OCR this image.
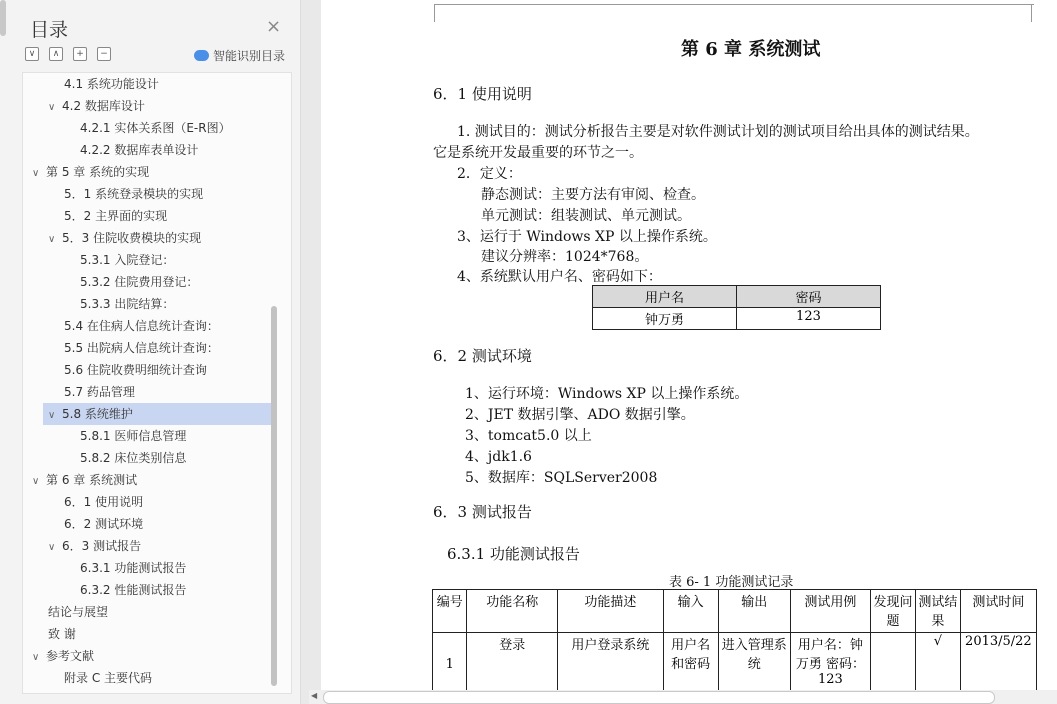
目录	×
∨	∧	+	−	智能识别目录
4.1 系统功能设计
∨ 4.2 数据库设计
4.2.1 实体关系图（E-R图）
4.2.2 数据库表单设计
∨ 第 5 章 系统的实现
5．1 系统登录模块的实现
5．2 主界面的实现
∨ 5．3 住院收费模块的实现
5.3.1 入院登记：
5.3.2 住院费用登记：
5.3.3 出院结算：
5.4 在住病人信息统计查询：
5.5 出院病人信息统计查询：
5.6 住院收费明细统计查询
5.7 药品管理
∨ 5.8 系统维护
5.8.1 医师信息管理
5.8.2 床位类别信息
∨ 第 6 章 系统测试
6．1 使用说明
6．2 测试环境
∨ 6．3 测试报告
6.3.1 功能测试报告
6.3.2 性能测试报告
结论与展望
致 谢
∨ 参考文献
附录 C 主要代码
第 6 章 系统测试
6．1 使用说明
1. 测试目的：测试分析报告主要是对软件测试计划的测试项目给出具体的测试结果。
它是系统开发最重要的环节之一。
2．定义：
静态测试：主要方法有审阅、检查。
单元测试：组装测试、单元测试。
3、运行于 Windows XP 以上操作系统。
建议分辨率：1024*768。
4、系统默认用户名、密码如下：
用户名	密码
钟万勇	123
6．2 测试环境
1、运行环境：Windows XP 以上操作系统。
2、JET 数据引擎、ADO 数据引擎。
3、tomcat5.0 以上
4、jdk1.6
5、数据库：SQLServer2008
6．3 测试报告
6.3.1 功能测试报告
表 6- 1 功能测试记录
编号	功能名称	功能描述	输入	输出	测试用例	发现问题	测试结果	测试时间
1	登录	用户登录系统	用户名和密码	进入管理系统	用户名：钟万勇 密码：123		√	2013/5/22
◀
